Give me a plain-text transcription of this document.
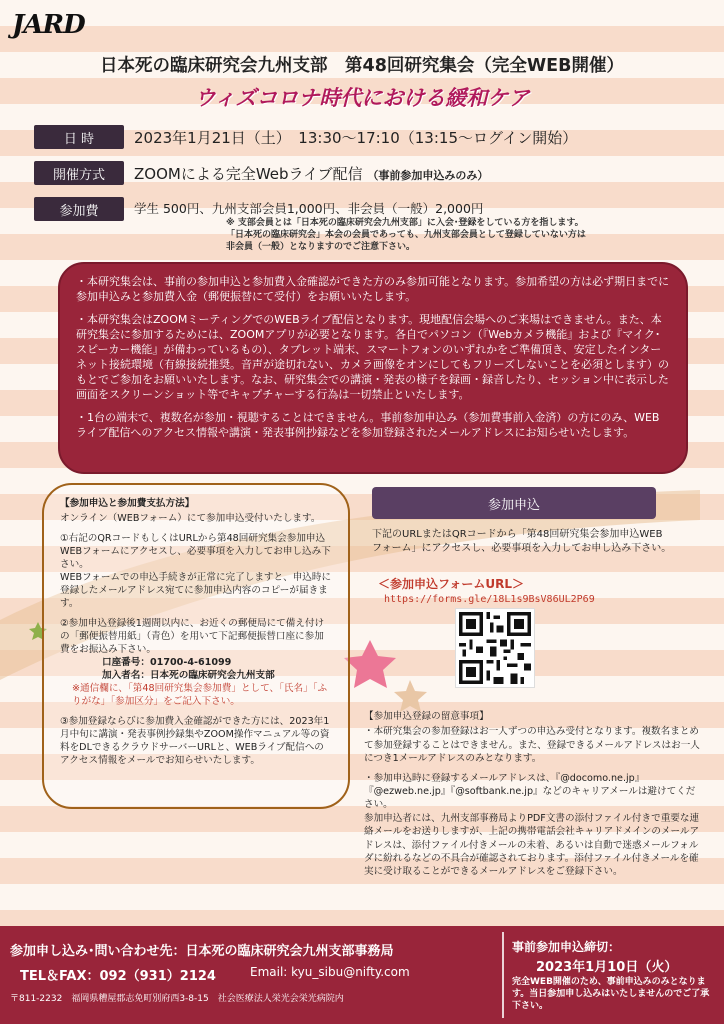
JARD
日本死の臨床研究会九州支部　第48回研究集会（完全WEB開催）
ウィズコロナ時代における緩和ケア
日 時	2023年1月21日（土）　13:30～17:10（13:15～ログイン開始）
開催方式	ZOOMによる完全Webライブ配信 （事前参加申込みのみ）
参加費	学生 500円、九州支部会員1,000円、非会員（一般）2,000円
※ 支部会員とは「日本死の臨床研究会九州支部」に入会･登録をしている方を指します。
「日本死の臨床研究会」本会の会員であっても、九州支部会員として登録していない方は
非会員（一般）となりますのでご注意下さい。

・本研究集会は、事前の参加申込と参加費入金確認ができた方のみ参加可能となります。参加希望の方は必ず期日までに参加申込みと参加費入金（郵便振替にて受付）をお願いいたします。

・本研究集会はZOOMミーティングでのWEBライブ配信となります。現地配信会場へのご来場はできません。また、本研究集会に参加するためには、ZOOMアプリが必要となります。各自でパソコン（『Webカメラ機能』および『マイク･スピーカー機能』が備わっているもの）、タブレット端末、スマートフォンのいずれかをご準備頂き、安定したインターネット接続環境（有線接続推奨。音声が途切れない、カメラ画像をオンにしてもフリーズしないことを必須とします）のもとでご参加をお願いいたします。なお、研究集会での講演・発表の様子を録画・録音したり、セッション中に表示した画面をスクリーンショット等でキャプチャーする行為は一切禁止といたします。

・1台の端末で、複数名が参加・視聴することはできません。事前参加申込み（参加費事前入金済）の方にのみ、WEBライブ配信へのアクセス情報や講演・発表事例抄録などを参加登録されたメールアドレスにお知らせいたします。

【参加申込と参加費支払方法】

オンライン（WEBフォーム）にて参加申込受付いたします。

①右記のQRコードもしくはURLから第48回研究集会参加申込WEBフォームにアクセスし、必要事項を入力してお申し込み下さい。

WEBフォームでの申込手続きが正常に完了しますと、申込時に登録したメールアドレス宛てに参加申込内容のコピーが届きます。

②参加申込登録後1週間以内に、お近くの郵便局にて備え付けの「郵便振替用紙」（青色）を用いて下記郵便振替口座に参加費をお振込み下さい。

口座番号：01700-4-61099
加入者名：日本死の臨床研究会九州支部

※通信欄に、「第48回研究集会参加費」として、「氏名」「ふりがな」「参加区分」をご記入下さい。

③参加登録ならびに参加費入金確認ができた方には、2023年1月中旬に講演・発表事例抄録集やZOOM操作マニュアル等の資料をDLできるクラウドサーバーURLと、WEBライブ配信へのアクセス情報をメールでお知らせいたします。

参加申込
下記のURLまたはQRコードから「第48回研究集会参加申込WEBフォーム」にアクセスし、必要事項を入力してお申し込み下さい。
＜参加申込フォームURL＞
https://forms.gle/18L1s9BsV86UL2P69

【参加申込登録の留意事項】

・本研究集会の参加登録はお一人ずつの申込み受付となります。複数名まとめて参加登録することはできません。また、登録できるメールアドレスはお一人につき1メールアドレスのみとなります。

・参加申込時に登録するメールアドレスは、『@docomo.ne.jp』『@ezweb.ne.jp』『@softbank.ne.jp』などのキャリアメールは避けてください。

参加申込者には、九州支部事務局よりPDF文書の添付ファイル付きで重要な連絡メールをお送りしますが、上記の携帯電話会社キャリアドメインのメールアドレスは、添付ファイル付きメールの未着、あるいは自動で迷惑メールフォルダに紛れるなどの不具合が確認されております。添付ファイル付きメールを確実に受け取ることができるメールアドレスをご登録下さい。

参加申し込み･問い合わせ先：日本死の臨床研究会九州支部事務局
TEL＆FAX：092（931）2124	Email: kyu_sibu@nifty.com
〒811-2232　福岡県糟屋郡志免町別府西3-8-15　社会医療法人栄光会栄光病院内
事前参加申込締切：
2023年1月10日（火）
完全WEB開催のため、事前申込みのみとなります。当日参加申し込みはいたしませんのでご了承下さい。
